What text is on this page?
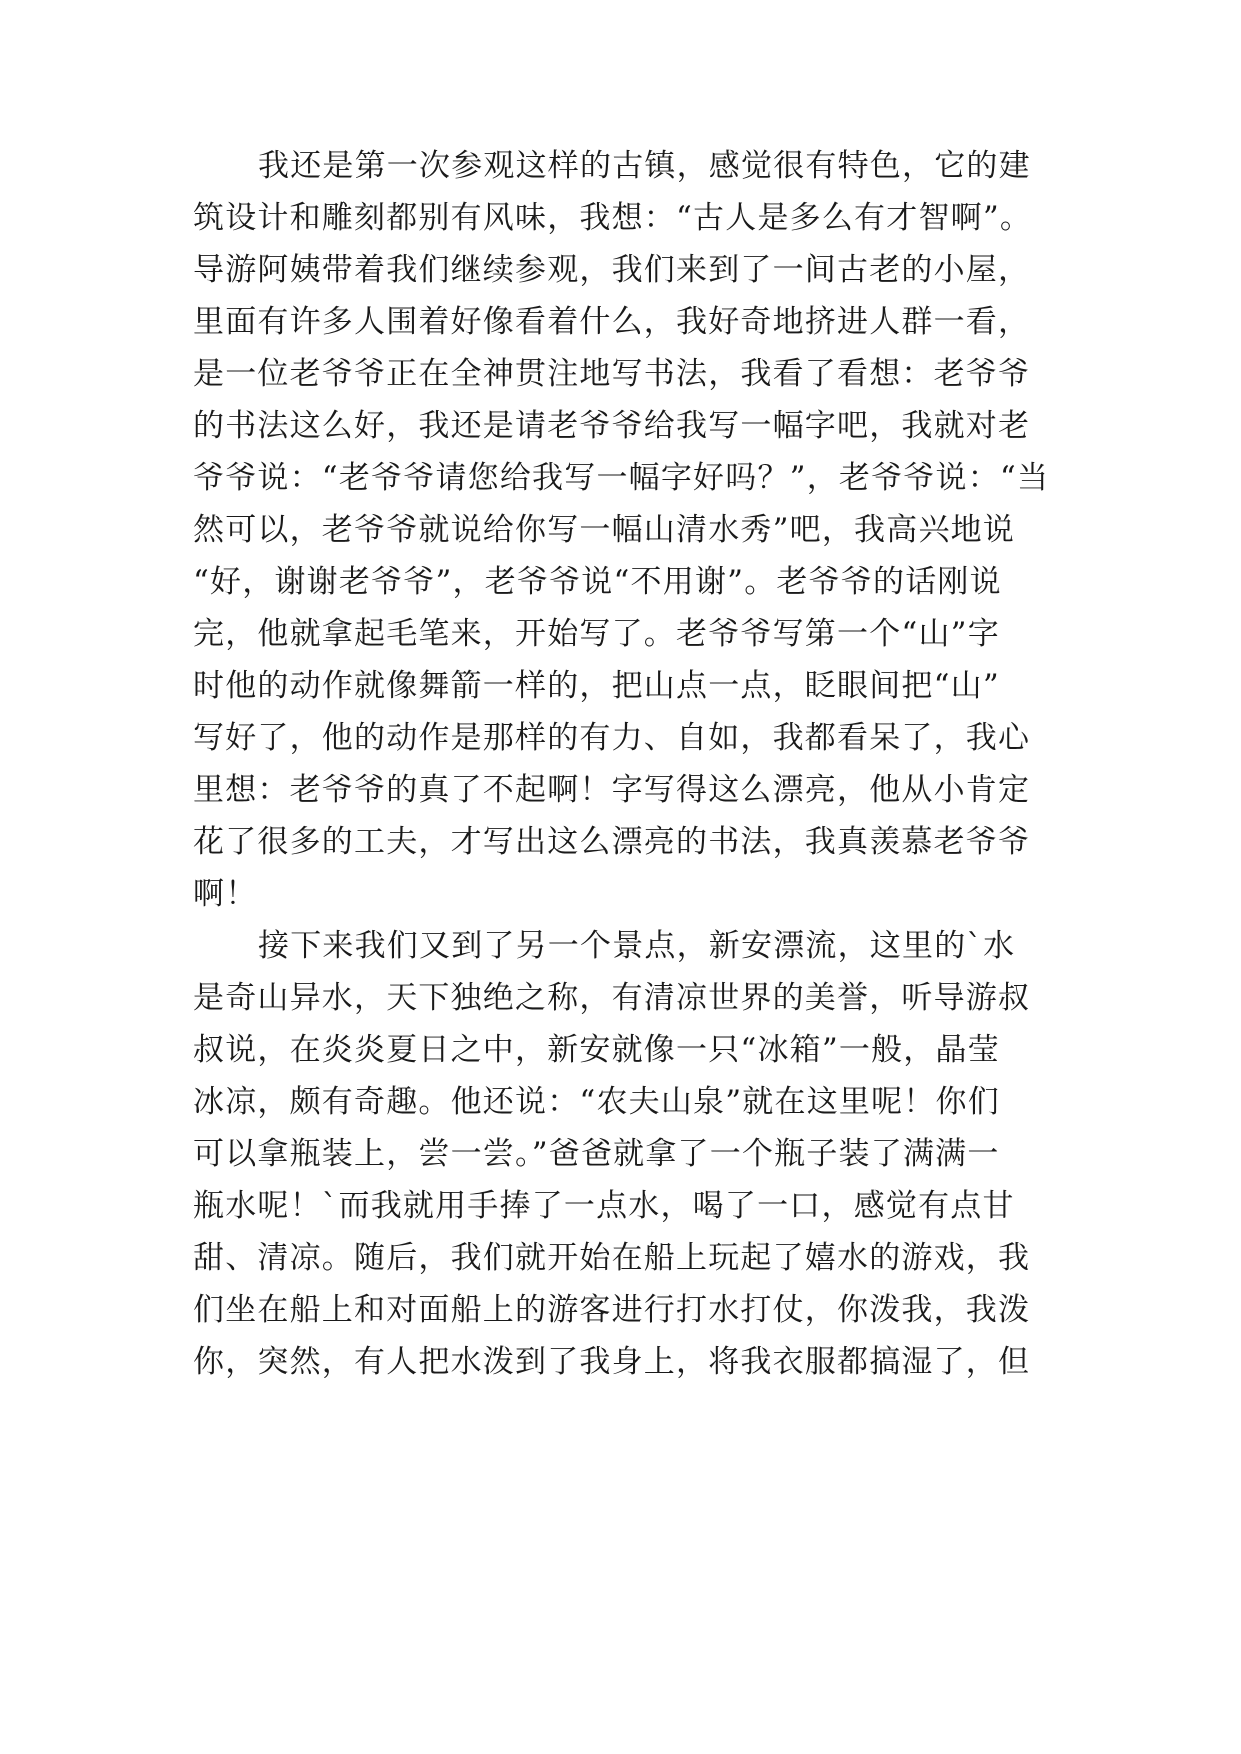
我还是第一次参观这样的古镇，感觉很有特色，它的建
筑设计和雕刻都别有风味，我想：“古人是多么有才智啊”。
导游阿姨带着我们继续参观，我们来到了一间古老的小屋，
里面有许多人围着好像看着什么，我好奇地挤进人群一看，
是一位老爷爷正在全神贯注地写书法，我看了看想：老爷爷
的书法这么好，我还是请老爷爷给我写一幅字吧，我就对老
爷爷说：“老爷爷请您给我写一幅字好吗？”，老爷爷说：“当
然可以，老爷爷就说给你写一幅山清水秀”吧，我高兴地说
“好，谢谢老爷爷”，老爷爷说“不用谢”。老爷爷的话刚说
完，他就拿起毛笔来，开始写了。老爷爷写第一个“山”字
时他的动作就像舞箭一样的，把山点一点，眨眼间把“山”
写好了，他的动作是那样的有力、自如，我都看呆了，我心
里想：老爷爷的真了不起啊！字写得这么漂亮，他从小肯定
花了很多的工夫，才写出这么漂亮的书法，我真羡慕老爷爷
啊！
接下来我们又到了另一个景点，新安漂流，这里的`水
是奇山异水，天下独绝之称，有清凉世界的美誉，听导游叔
叔说，在炎炎夏日之中，新安就像一只“冰箱”一般，晶莹
冰凉，颇有奇趣。他还说：“农夫山泉”就在这里呢！你们
可以拿瓶装上，尝一尝。”爸爸就拿了一个瓶子装了满满一
瓶水呢！`而我就用手捧了一点水，喝了一口，感觉有点甘
甜、清凉。随后，我们就开始在船上玩起了嬉水的游戏，我
们坐在船上和对面船上的游客进行打水打仗，你泼我，我泼
你，突然，有人把水泼到了我身上，将我衣服都搞湿了，但
